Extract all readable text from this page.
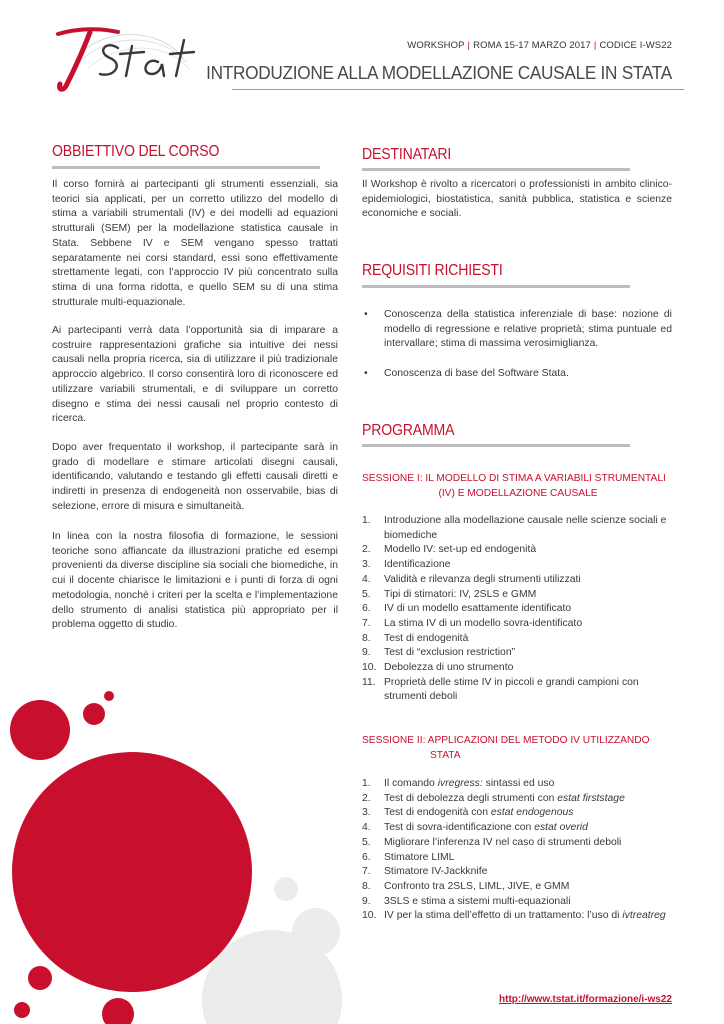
WORKSHOP | ROMA 15-17 MARZO 2017 | CODICE I-WS22
INTRODUZIONE ALLA MODELLAZIONE CAUSALE IN STATA
OBBIETTIVO DEL CORSO
Il corso fornirà ai partecipanti gli strumenti essenziali, sia teorici sia applicati, per un corretto utilizzo del modello di stima a variabili strumentali (IV) e dei modelli ad equazioni strutturali (SEM) per la modellazione statistica causale in Stata. Sebbene IV e SEM vengano spesso trattati separatamente nei corsi standard, essi sono effettivamente strettamente legati, con l’approccio IV più concentrato sulla stima di una forma ridotta, e quello SEM su di una stima strutturale multi-equazionale.
Ai partecipanti verrà data l’opportunità sia di imparare a costruire rappresentazioni grafiche sia intuitive dei nessi causali nella propria ricerca, sia di utilizzare il più tradizionale approccio algebrico. Il corso consentirà loro di riconoscere ed utilizzare variabili strumentali, e di sviluppare un corretto disegno e stima dei nessi causali nel proprio contesto di ricerca.
Dopo aver frequentato il workshop, il partecipante sarà in grado di modellare e stimare articolati disegni causali, identificando, valutando e testando gli effetti causali diretti e indiretti in presenza di endogeneità non osservabile, bias di selezione, errore di misura e simultaneità.
In linea con la nostra filosofia di formazione, le sessioni teoriche sono affiancate da illustrazioni pratiche ed esempi provenienti da diverse discipline sia sociali che biomediche, in cui il docente chiarisce le limitazioni e i punti di forza di ogni metodologia, nonchè i criteri per la scelta e l’implementazione dello strumento di analisi statistica più appropriato per il problema oggetto di studio.
DESTINATARI
Il Workshop è rivolto a ricercatori o professionisti in ambito clinico-epidemiologici, biostatistica, sanità pubblica, statistica e scienze economiche e sociali.
REQUISITI RICHIESTI
• Conoscenza della statistica inferenziale di base: nozione di modello di regressione e relative proprietà; stima puntuale ed intervallare; stima di massima verosimiglianza.
• Conoscenza di base del Software Stata.
PROGRAMMA
SESSIONE I: IL MODELLO DI STIMA A VARIABILI STRUMENTALI
(IV) E MODELLAZIONE CAUSALE
1. Introduzione alla modellazione causale nelle scienze sociali e biomediche
2. Modello IV: set-up ed endogenità
3. Identificazione
4. Validità e rilevanza degli strumenti utilizzati
5. Tipi di stimatori: IV, 2SLS e GMM
6. IV di un modello esattamente identificato
7. La stima IV di un modello sovra-identificato
8. Test di endogenità
9. Test di “exclusion restriction”
10. Debolezza di uno strumento
11. Proprietà delle stime IV in piccoli e grandi campioni con strumenti deboli
SESSIONE II: APPLICAZIONI DEL METODO IV UTILIZZANDO
STATA
1. Il comando ivregress: sintassi ed uso
2. Test di debolezza degli strumenti con estat firststage
3. Test di endogenità con estat endogenous
4. Test di sovra-identificazione con estat overid
5. Migliorare l’inferenza IV nel caso di strumenti deboli
6. Stimatore LIML
7. Stimatore IV-Jackknife
8. Confronto tra 2SLS, LIML, JIVE, e GMM
9. 3SLS e stima a sistemi multi-equazionali
10. IV per la stima dell’effetto di un trattamento: l’uso di ivtreatreg
http://www.tstat.it/formazione/i-ws22
